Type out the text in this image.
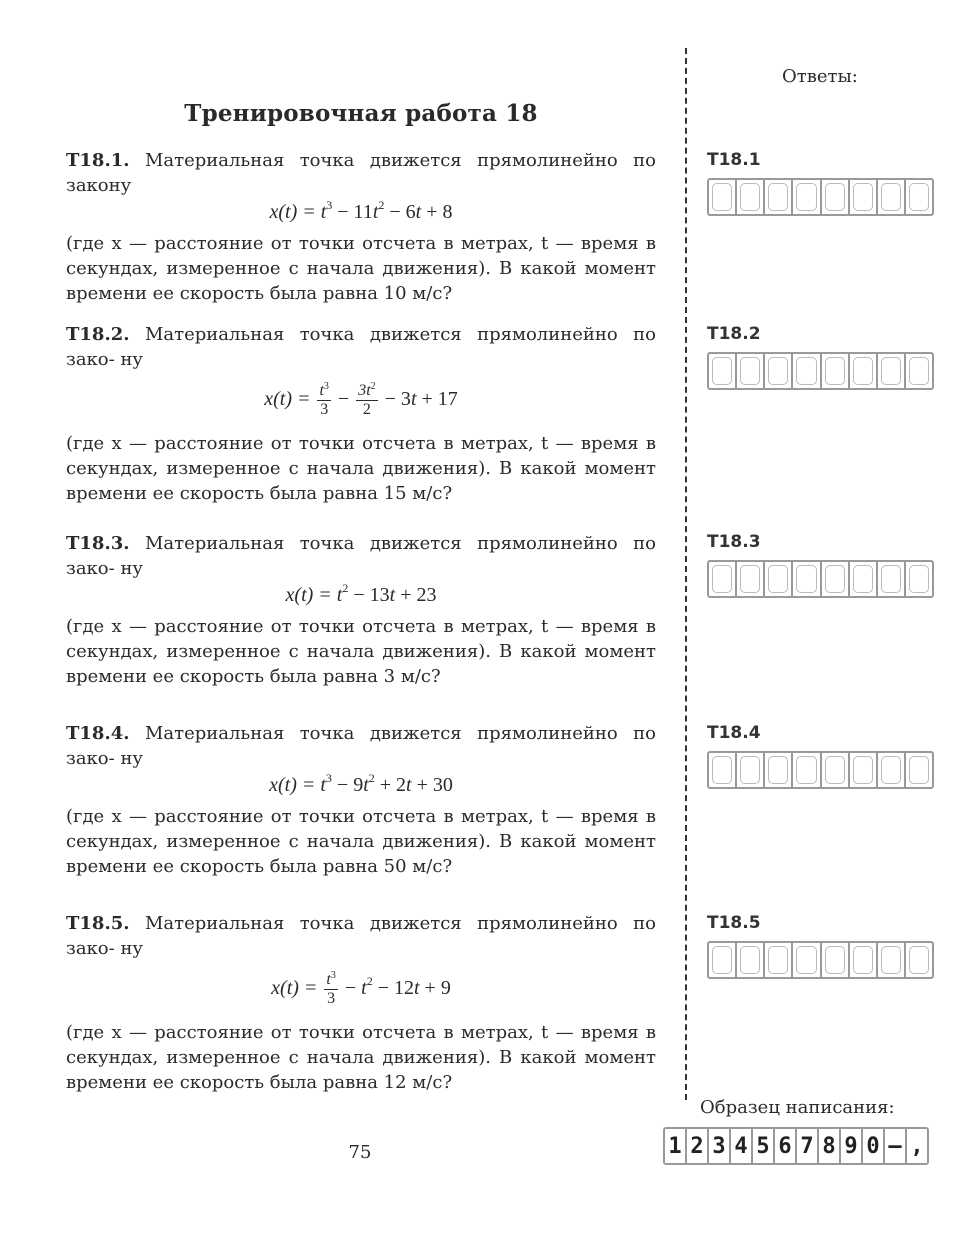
Тренировочная работа 18
T18.1. Материальная точка движется прямолинейно по закону
$x(t) = t^3 - 11t^2 - 6t + 8$
(где x — расстояние от точки отсчета в метрах, t — время в секундах, измеренное с начала движения). В какой момент времени ее скорость была равна 10 м/с?
T18.2. Материальная точка движется прямолинейно по зако- ну
$x(t) = \frac{t^3}{3} - \frac{3t^2}{2} - 3t + 17$
(где x — расстояние от точки отсчета в метрах, t — время в секундах, измеренное с начала движения). В какой момент времени ее скорость была равна 15 м/с?
T18.3. Материальная точка движется прямолинейно по зако- ну
$x(t) = t^2 - 13t + 23$
(где x — расстояние от точки отсчета в метрах, t — время в секундах, измеренное с начала движения). В какой момент времени ее скорость была равна 3 м/с?
T18.4. Материальная точка движется прямолинейно по зако- ну
$x(t) = t^3 - 9t^2 + 2t + 30$
(где x — расстояние от точки отсчета в метрах, t — время в секундах, измеренное с начала движения). В какой момент времени ее скорость была равна 50 м/с?
T18.5. Материальная точка движется прямолинейно по зако- ну
$x(t) = \frac{t^3}{3} - t^2 - 12t + 9$
(где x — расстояние от точки отсчета в метрах, t — время в секундах, измеренное с начала движения). В какой момент времени ее скорость была равна 12 м/с?
Ответы:
T18.1
T18.2
T18.3
T18.4
T18.5
Образец написания:
1 2 3 4 5 6 7 8 9 0 – ,
75
